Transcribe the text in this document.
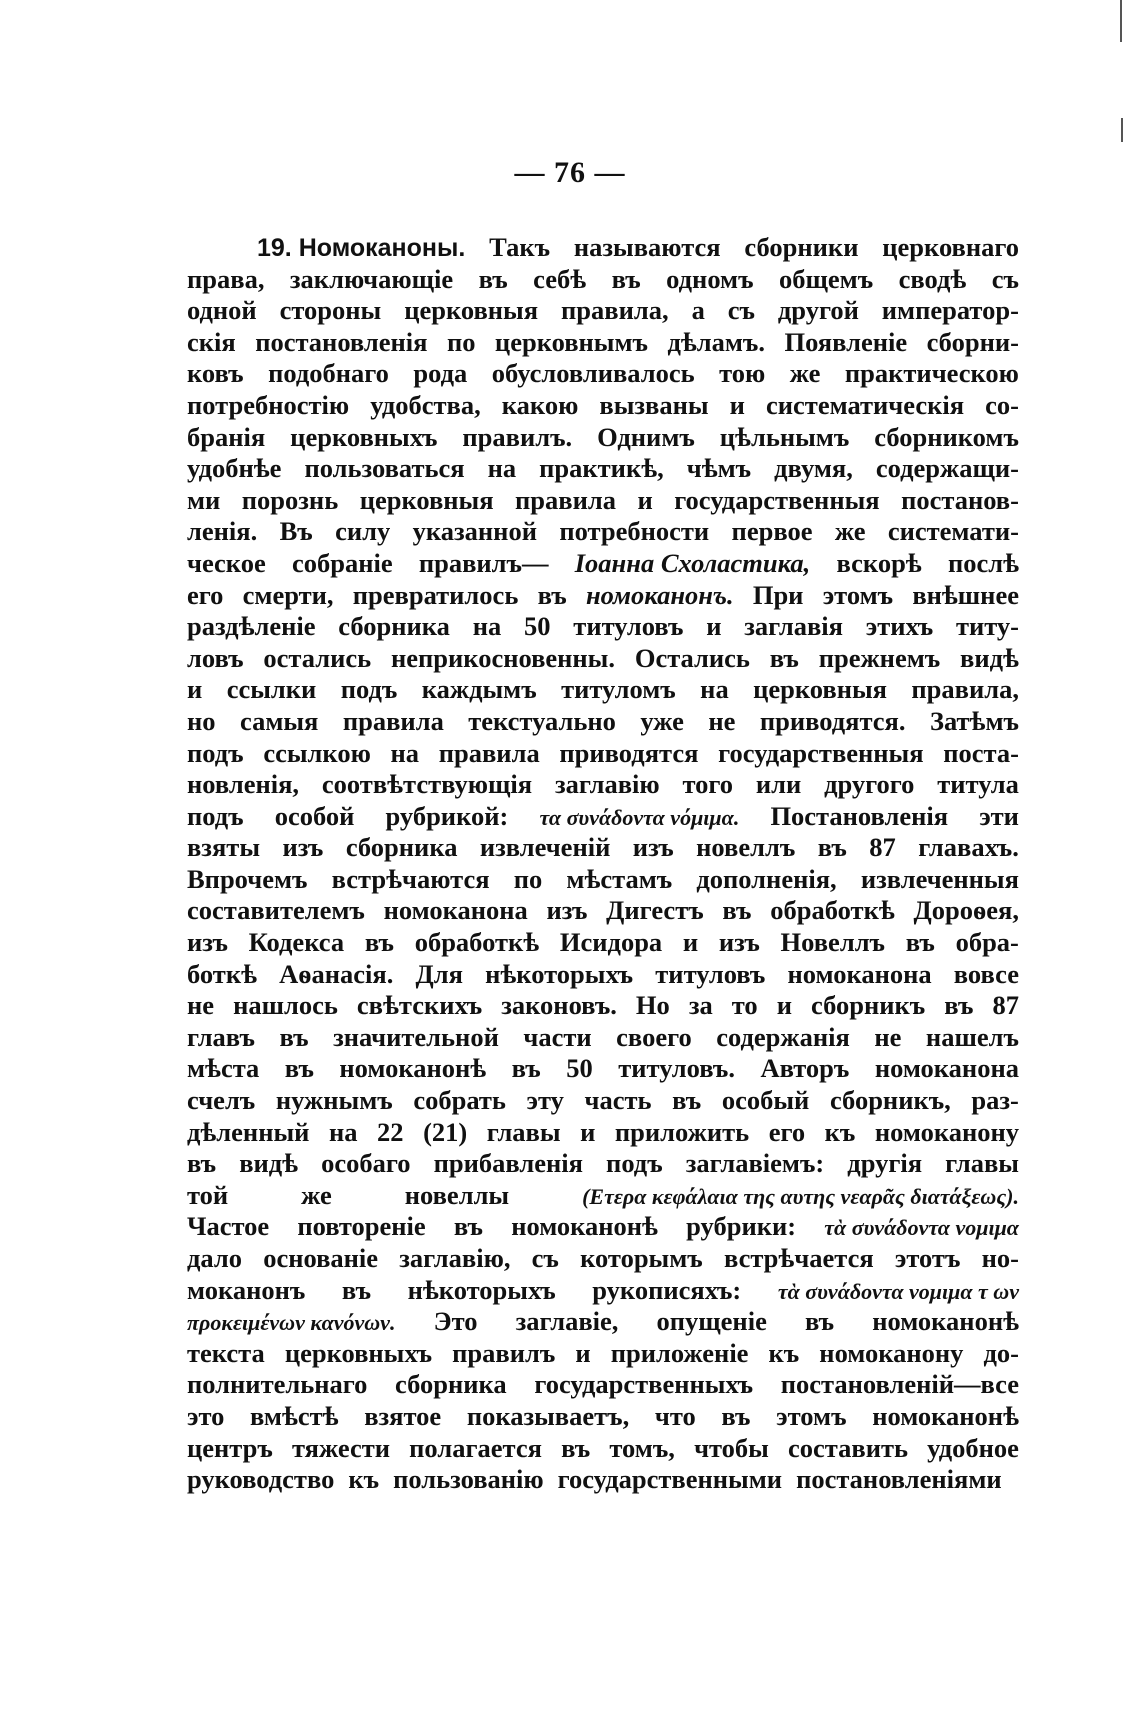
— 76 —
19. Номоканоны. Такъ называются сборники церковнаго
права, заключающіе въ себѣ въ одномъ общемъ сводѣ съ
одной стороны церковныя правила, а съ другой император-
скія постановленія по церковнымъ дѣламъ. Появленіе сборни-
ковъ подобнаго рода обусловливалось тою же практическою
потребностію удобства, какою вызваны и систематическія со-
бранія церковныхъ правилъ. Однимъ цѣльнымъ сборникомъ
удобнѣе пользоваться на практикѣ, чѣмъ двумя, содержащи-
ми порознь церковныя правила и государственныя постанов-
ленія. Въ силу указанной потребности первое же системати-
ческое собраніе правилъ— Іоанна Схоластика, вскорѣ послѣ
его смерти, превратилось въ номоканонъ. При этомъ внѣшнее
раздѣленіе сборника на 50 титуловъ и заглавія этихъ титу-
ловъ остались неприкосновенны. Остались въ прежнемъ видѣ
и ссылки подъ каждымъ титуломъ на церковныя правила,
но самыя правила текстуально уже не приводятся. Затѣмъ
подъ ссылкою на правила приводятся государственныя поста-
новленія, соотвѣтствующія заглавію того или другого титула
подъ особой рубрикой: τα συνάδοντα νόμιμα. Постановленія эти
взяты изъ сборника извлеченій изъ новеллъ въ 87 главахъ.
Впрочемъ встрѣчаются по мѣстамъ дополненія, извлеченныя
составителемъ номоканона изъ Дигестъ въ обработкѣ Дороѳея,
изъ Кодекса въ обработкѣ Исидора и изъ Новеллъ въ обра-
боткѣ Аѳанасія. Для нѣкоторыхъ титуловъ номоканона вовсе
не нашлось свѣтскихъ законовъ. Но за то и сборникъ въ 87
главъ въ значительной части своего содержанія не нашелъ
мѣста въ номоканонѣ въ 50 титуловъ. Авторъ номоканона
счелъ нужнымъ собрать эту часть въ особый сборникъ, раз-
дѣленный на 22 (21) главы и приложить его къ номоканону
въ видѣ особаго прибавленія подъ заглавіемъ: другія главы
той	же	новеллы	(Ετερα κεφάλαια της αυτης νεαρᾶς διατάξεως).
Частое повтореніе въ номоканонѣ рубрики: τὰ συνάδοντα νομιμα
дало основаніе заглавію, съ которымъ встрѣчается этотъ но-
моканонъ въ нѣкоторыхъ рукописяхъ: τὰ συνάδοντα νομιμα τ ων
προκειμένων κανόνων. Это заглавіе, опущеніе въ номоканонѣ
текста церковныхъ правилъ и приложеніе къ номоканону до-
полнительнаго сборника государственныхъ постановленій—все
это вмѣстѣ взятое показываетъ, что въ этомъ номоканонѣ
центръ тяжести полагается въ томъ, чтобы составить удобное
руководство къ пользованію государственными постановленіями
